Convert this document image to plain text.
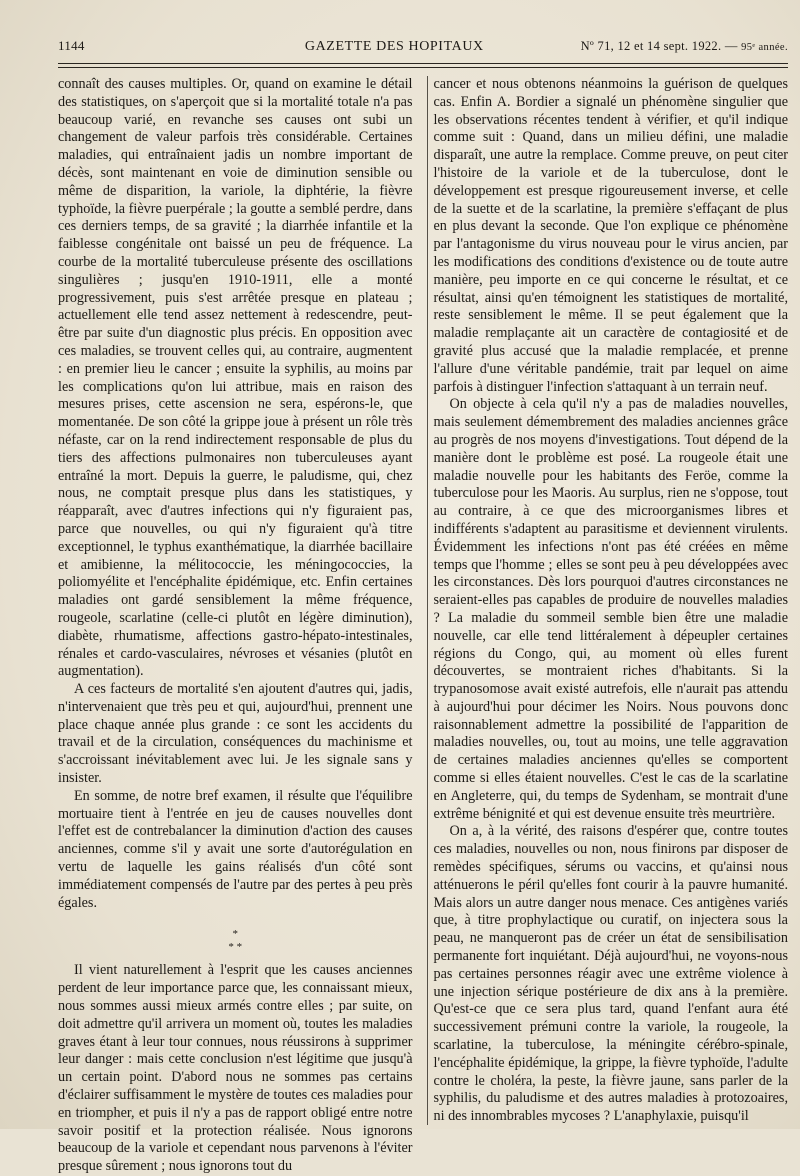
1144	GAZETTE DES HOPITAUX	Nº 71, 12 et 14 sept. 1922. — 95ᵉ année.

connaît des causes multiples. Or, quand on examine le détail des statistiques, on s'aperçoit que si la mortalité totale n'a pas beaucoup varié, en revanche ses causes ont subi un changement de valeur parfois très considérable. Certaines maladies, qui entraînaient jadis un nombre important de décès, sont maintenant en voie de diminution sensible ou même de disparition, la variole, la diphtérie, la fièvre typhoïde, la fièvre puerpérale ; la goutte a semblé perdre, dans ces derniers temps, de sa gravité ; la diarrhée infantile et la faiblesse congénitale ont baissé un peu de fréquence. La courbe de la mortalité tuberculeuse présente des oscillations singulières ; jusqu'en 1910-1911, elle a monté progressivement, puis s'est arrêtée presque en plateau ; actuellement elle tend assez nettement à redescendre, peut-être par suite d'un diagnostic plus précis. En opposition avec ces maladies, se trouvent celles qui, au contraire, augmentent : en premier lieu le cancer ; ensuite la syphilis, au moins par les complications qu'on lui attribue, mais en raison des mesures prises, cette ascension ne sera, espérons-le, que momentanée. De son côté la grippe joue à présent un rôle très néfaste, car on la rend indirectement responsable de plus du tiers des affections pulmonaires non tuberculeuses ayant entraîné la mort. Depuis la guerre, le paludisme, qui, chez nous, ne comptait presque plus dans les statistiques, y réapparaît, avec d'autres infections qui n'y figuraient pas, parce que nouvelles, ou qui n'y figuraient qu'à titre exceptionnel, le typhus exanthématique, la diarrhée bacillaire et amibienne, la mélitococcie, les méningococcies, la poliomyélite et l'encéphalite épidémique, etc. Enfin certaines maladies ont gardé sensiblement la même fréquence, rougeole, scarlatine (celle-ci plutôt en légère diminution), diabète, rhumatisme, affections gastro-hépato-intestinales, rénales et cardo-vasculaires, névroses et vésanies (plutôt en augmentation).

A ces facteurs de mortalité s'en ajoutent d'autres qui, jadis, n'intervenaient que très peu et qui, aujourd'hui, prennent une place chaque année plus grande : ce sont les accidents du travail et de la circulation, conséquences du machinisme et s'accroissant inévitablement avec lui. Je les signale sans y insister.

En somme, de notre bref examen, il résulte que l'équilibre mortuaire tient à l'entrée en jeu de causes nouvelles dont l'effet est de contrebalancer la diminution d'action des causes anciennes, comme s'il y avait une sorte d'autorégulation en vertu de laquelle les gains réalisés d'un côté sont immédiatement compensés de l'autre par des pertes à peu près égales.

*
* *

Il vient naturellement à l'esprit que les causes anciennes perdent de leur importance parce que, les connaissant mieux, nous sommes aussi mieux armés contre elles ; par suite, on doit admettre qu'il arrivera un moment où, toutes les maladies graves étant à leur tour connues, nous réussirons à supprimer leur danger : mais cette conclusion n'est légitime que jusqu'à un certain point. D'abord nous ne sommes pas certains d'éclairer suffisamment le mystère de toutes ces maladies pour en triompher, et puis il n'y a pas de rapport obligé entre notre savoir positif et la protection réalisée. Nous ignorons beaucoup de la variole et cependant nous parvenons à l'éviter presque sûrement ; nous ignorons tout du

cancer et nous obtenons néanmoins la guérison de quelques cas. Enfin A. Bordier a signalé un phénomène singulier que les observations récentes tendent à vérifier, et qu'il indique comme suit : Quand, dans un milieu défini, une maladie disparaît, une autre la remplace. Comme preuve, on peut citer l'histoire de la variole et de la tuberculose, dont le développement est presque rigoureusement inverse, et celle de la suette et de la scarlatine, la première s'effaçant de plus en plus devant la seconde. Que l'on explique ce phénomène par l'antagonisme du virus nouveau pour le virus ancien, par les modifications des conditions d'existence ou de toute autre manière, peu importe en ce qui concerne le résultat, et ce résultat, ainsi qu'en témoignent les statistiques de mortalité, reste sensiblement le même. Il se peut également que la maladie remplaçante ait un caractère de contagiosité et de gravité plus accusé que la maladie remplacée, et prenne l'allure d'une véritable pandémie, trait par lequel on aime parfois à distinguer l'infection s'attaquant à un terrain neuf.

On objecte à cela qu'il n'y a pas de maladies nouvelles, mais seulement démembrement des maladies anciennes grâce au progrès de nos moyens d'investigations. Tout dépend de la manière dont le problème est posé. La rougeole était une maladie nouvelle pour les habitants des Feröe, comme la tuberculose pour les Maoris. Au surplus, rien ne s'oppose, tout au contraire, à ce que des microorganismes libres et indifférents s'adaptent au parasitisme et deviennent virulents. Évidemment les infections n'ont pas été créées en même temps que l'homme ; elles se sont peu à peu développées avec les circonstances. Dès lors pourquoi d'autres circonstances ne seraient-elles pas capables de produire de nouvelles maladies ? La maladie du sommeil semble bien être une maladie nouvelle, car elle tend littéralement à dépeupler certaines régions du Congo, qui, au moment où elles furent découvertes, se montraient riches d'habitants. Si la trypanosomose avait existé autrefois, elle n'aurait pas attendu à aujourd'hui pour décimer les Noirs. Nous pouvons donc raisonnablement admettre la possibilité de l'apparition de maladies nouvelles, ou, tout au moins, une telle aggravation de certaines maladies anciennes qu'elles se comportent comme si elles étaient nouvelles. C'est le cas de la scarlatine en Angleterre, qui, du temps de Sydenham, se montrait d'une extrême bénignité et qui est devenue ensuite très meurtrière.

On a, à la vérité, des raisons d'espérer que, contre toutes ces maladies, nouvelles ou non, nous finirons par disposer de remèdes spécifiques, sérums ou vaccins, et qu'ainsi nous atténuerons le péril qu'elles font courir à la pauvre humanité. Mais alors un autre danger nous menace. Ces antigènes variés que, à titre prophylactique ou curatif, on injectera sous la peau, ne manqueront pas de créer un état de sensibilisation permanente fort inquiétant. Déjà aujourd'hui, ne voyons-nous pas certaines personnes réagir avec une extrême violence à une injection sérique postérieure de dix ans à la première. Qu'est-ce que ce sera plus tard, quand l'enfant aura été successivement prémuni contre la variole, la rougeole, la scarlatine, la tuberculose, la méningite cérébro-spinale, l'encéphalite épidémique, la grippe, la fièvre typhoïde, l'adulte contre le choléra, la peste, la fièvre jaune, sans parler de la syphilis, du paludisme et des autres maladies à protozoaires, ni des innombrables mycoses ? L'anaphylaxie, puisqu'il
